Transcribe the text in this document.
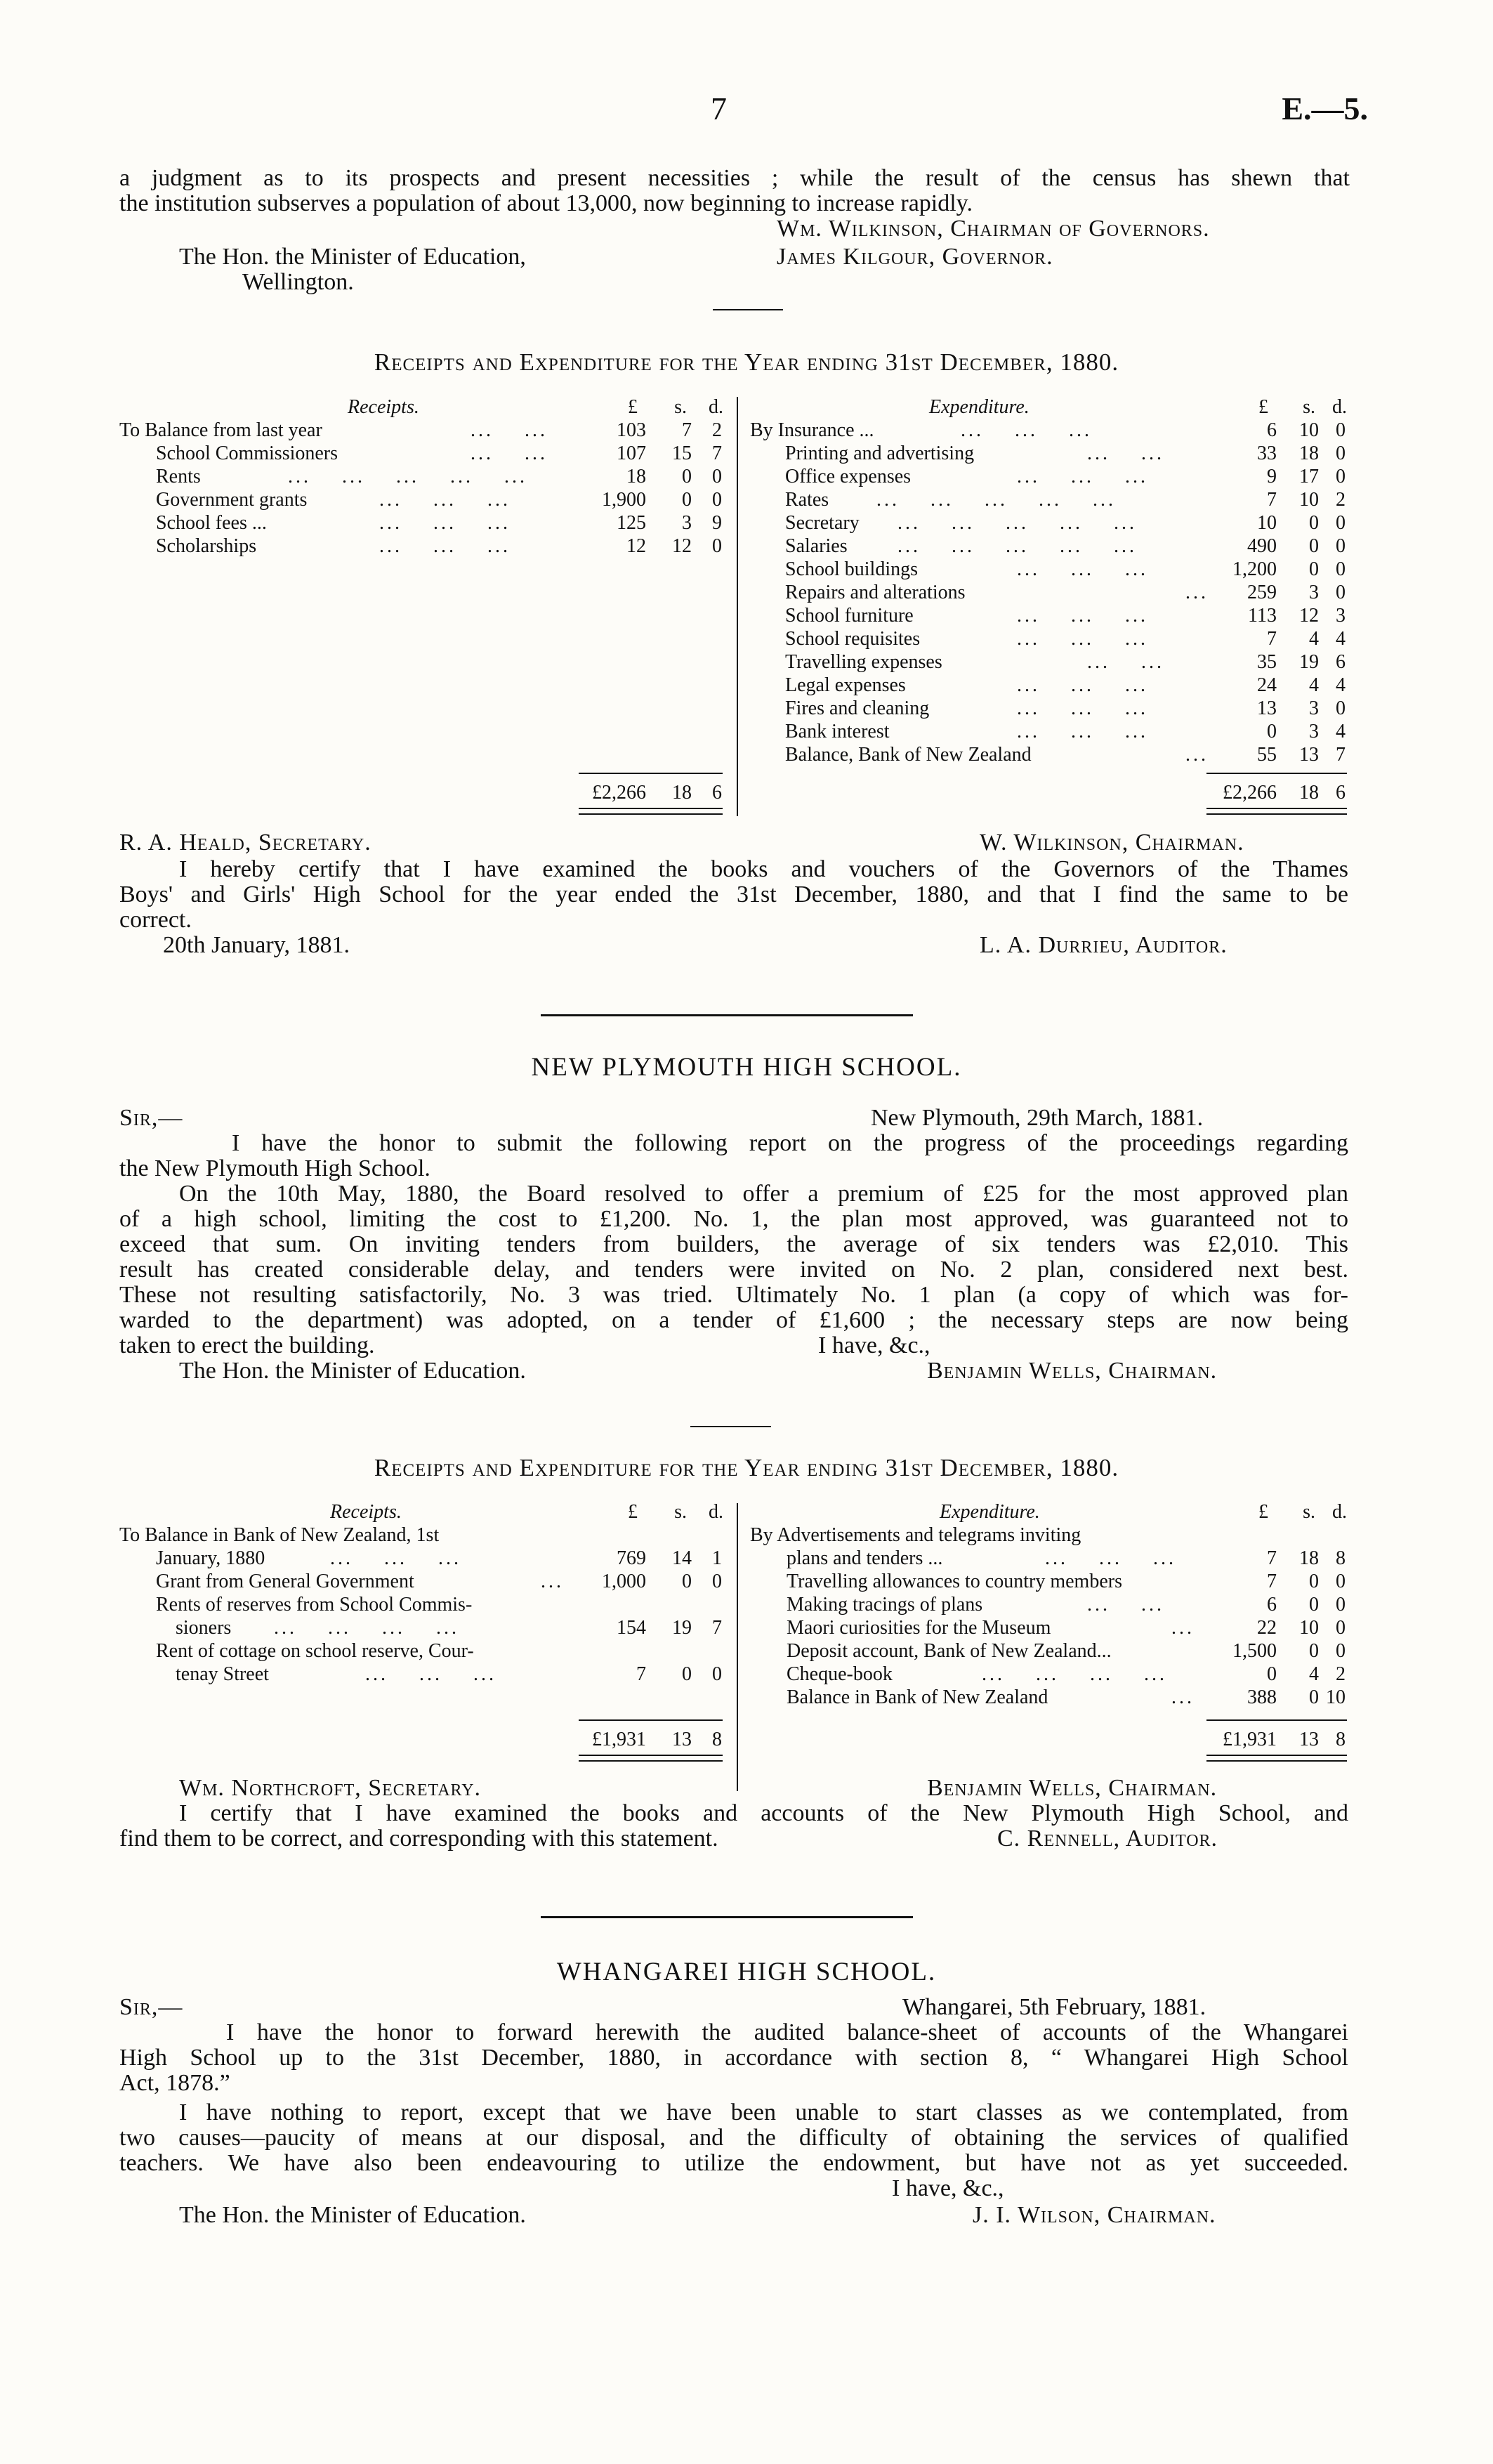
7	E.—5.
a judgment as to its prospects and present necessities ; while the result of the census has shewn that
the institution subserves a population of about 13,000, now beginning to increase rapidly.
Wm. Wilkinson, Chairman of Governors.
The Hon. the Minister of Education,	James Kilgour, Governor.
Wellington.
Receipts and Expenditure for the Year ending 31st December, 1880.
Receipts.	£ s. d.
To Balance from last year	...    ...	103 7 2
School Commissioners	...    ...	107 15 7
Rents	...    ...    ...    ...    ...	18 0 0
Government grants	...    ...    ...	1,900 0 0
School fees ...	...    ...    ...	125 3 9
Scholarships	...    ...    ...	12 12 0
£2,266 18 6
Expenditure.	£ s. d.
By Insurance ...	...    ...    ...	6 10 0
Printing and advertising	...    ...	33 18 0
Office expenses	...    ...    ...	9 17 0
Rates ...    ...    ...    ...    ...	7 10 2
Secretary ...    ...    ...    ...    ...	10 0 0
Salaries	...    ...    ...    ...    ...	490 0 0
School buildings	...    ...    ...	1,200 0 0
Repairs and alterations	... 259 3 0
School furniture	...    ...    ...	113 12 3
School requisites	...    ...    ...	7 4 4
Travelling expenses	...    ...	35 19 6
Legal expenses	...    ...    ...	24 4 4
Fires and cleaning	...    ...    ...	13 3 0
Bank interest	...    ...    ...	0 3 4
Balance, Bank of New Zealand	... 55 13 7
£2,266 18 6
R. A. Heald, Secretary.	W. Wilkinson, Chairman.
I hereby certify that I have examined the books and vouchers of the Governors of the Thames
Boys' and Girls' High School for the year ended the 31st December, 1880, and that I find the same to be
correct.
20th January, 1881.	L. A. Durrieu, Auditor.
NEW PLYMOUTH HIGH SCHOOL.
Sir,—	New Plymouth, 29th March, 1881.
I have the honor to submit the following report on the progress of the proceedings regarding
the New Plymouth High School.
On the 10th May, 1880, the Board resolved to offer a premium of £25 for the most approved plan
of a high school, limiting the cost to £1,200. No. 1, the plan most approved, was guaranteed not to
exceed that sum. On inviting tenders from builders, the average of six tenders was £2,010. This
result has created considerable delay, and tenders were invited on No. 2 plan, considered next best.
These not resulting satisfactorily, No. 3 was tried. Ultimately No. 1 plan (a copy of which was for-
warded to the department) was adopted, on a tender of £1,600 ; the necessary steps are now being
taken to erect the building.	I have, &c.,
The Hon. the Minister of Education.	Benjamin Wells, Chairman.
Receipts and Expenditure for the Year ending 31st December, 1880.
Receipts.	£ s. d.
To Balance in Bank of New Zealand, 1st
January, 1880	...    ...    ...	769 14 1
Grant from General Government	... 1,000 0 0
Rents of reserves from School Commis-
sioners ...    ...    ...    ...	154 19 7
Rent of cottage on school reserve, Cour-
tenay Street	...    ...    ...	7 0 0
£1,931 13 8
Expenditure.	£ s. d.
By Advertisements and telegrams inviting
plans and tenders ...	...    ...    ...	7 18 8
Travelling allowances to country members	7 0 0
Making tracings of plans	...    ...	6 0 0
Maori curiosities for the Museum	...	22 10 0
Deposit account, Bank of New Zealand...	1,500 0 0
Cheque-book	...    ...    ...    ...	0 4 2
Balance in Bank of New Zealand	...	388 0 10
£1,931 13 8
Wm. Northcroft, Secretary.	Benjamin Wells, Chairman.
I certify that I have examined the books and accounts of the New Plymouth High School, and
find them to be correct, and corresponding with this statement.	C. Rennell, Auditor.
WHANGAREI HIGH SCHOOL.
Sir,—	Whangarei, 5th February, 1881.
I have the honor to forward herewith the audited balance-sheet of accounts of the Whangarei
High School up to the 31st December, 1880, in accordance with section 8, “ Whangarei High School
Act, 1878.”
I have nothing to report, except that we have been unable to start classes as we contemplated, from
two causes—paucity of means at our disposal, and the difficulty of obtaining the services of qualified
teachers. We have also been endeavouring to utilize the endowment, but have not as yet succeeded.
I have, &c.,
The Hon. the Minister of Education.	J. I. Wilson, Chairman.
